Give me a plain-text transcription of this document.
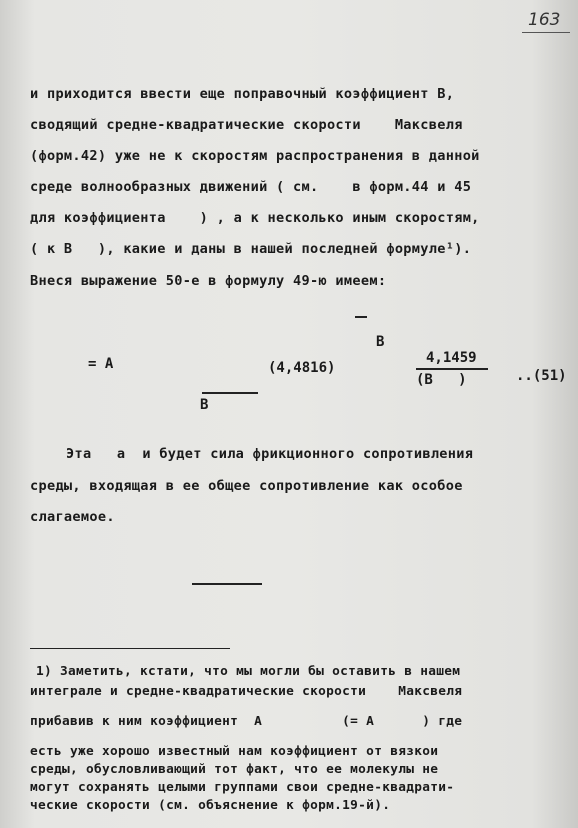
163
и приходится ввести еще поправочный коэффициент В,
сводящий средне-квадратические скорости    Максвеля
(форм.42) уже не к скоростям распространения в данной
среде волнообразных движений ( см.    в форм.44 и 45
для коэффициента    ) , а к несколько иным скоростям,
( к В   ), какие и даны в нашей последней формуле¹).
Внеся выражение 50-е в формулу 49-ю имеем:
B
= A	(4,4816)
4,1459
(B   )	..(51)
B
Эта   а  и будет сила фрикционного сопротивления
среды, входящая в ее общее сопротивление как особое
слагаемое.
1) Заметить, кстати, что мы могли бы оставить в нашем
интеграле и средне-квадратические скорости    Максвеля
прибавив к ним коэффициент  A          (= A      ) где
есть уже хорошо известный нам коэффициент от вязкои
среды, обусловливающий тот факт, что ее молекулы не
могут сохранять целыми группами свои средне-квадрати-
ческие скорости (см. объяснение к форм.19-й).
